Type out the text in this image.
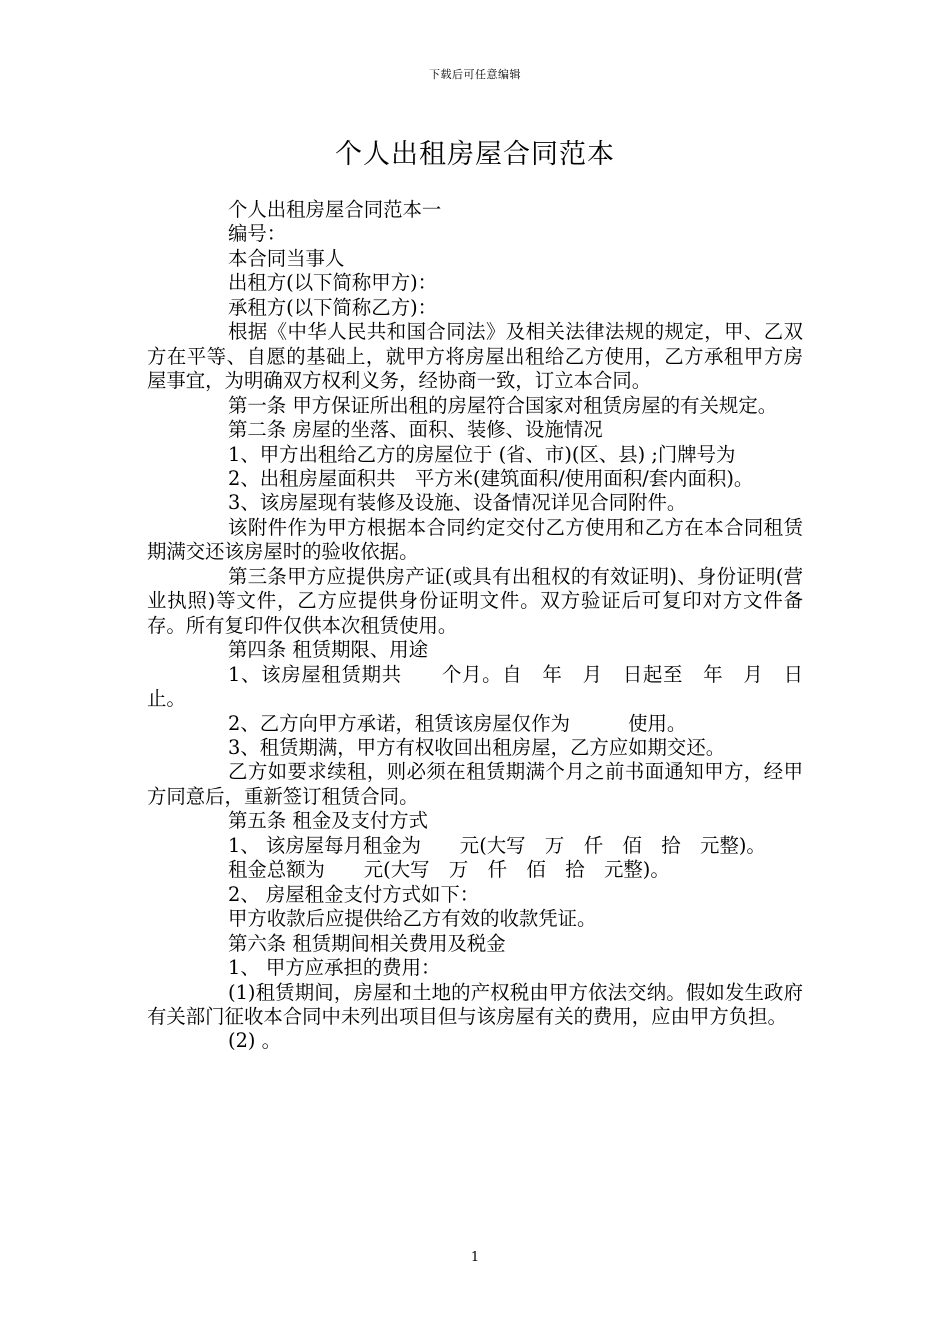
下载后可任意编辑
个人出租房屋合同范本

个人出租房屋合同范本一

编号：

本合同当事人

出租方(以下简称甲方)：

承租方(以下简称乙方)：

根据《中华人民共和国合同法》及相关法律法规的规定，甲、乙双方在平等、自愿的基础上，就甲方将房屋出租给乙方使用，乙方承租甲方房屋事宜，为明确双方权利义务，经协商一致，订立本合同。

第一条 甲方保证所出租的房屋符合国家对租赁房屋的有关规定。

第二条 房屋的坐落、面积、装修、设施情况

1、甲方出租给乙方的房屋位于 (省、市)(区、县) ;门牌号为

2、出租房屋面积共　平方米(建筑面积/使用面积/套内面积)。

3、该房屋现有装修及设施、设备情况详见合同附件。

该附件作为甲方根据本合同约定交付乙方使用和乙方在本合同租赁期满交还该房屋时的验收依据。

第三条甲方应提供房产证(或具有出租权的有效证明)、身份证明(营业执照)等文件，乙方应提供身份证明文件。双方验证后可复印对方文件备存。所有复印件仅供本次租赁使用。

第四条 租赁期限、用途

1、该房屋租赁期共　　个月。自　年　月　日起至　年　月　日止。

2、乙方向甲方承诺，租赁该房屋仅作为　　　使用。

3、租赁期满，甲方有权收回出租房屋，乙方应如期交还。

乙方如要求续租，则必须在租赁期满个月之前书面通知甲方，经甲方同意后，重新签订租赁合同。

第五条 租金及支付方式

1、 该房屋每月租金为　　元(大写　万　仟　佰　拾　元整)。

租金总额为　　元(大写　万　仟　佰　拾　元整)。

2、 房屋租金支付方式如下：

甲方收款后应提供给乙方有效的收款凭证。

第六条 租赁期间相关费用及税金

1、 甲方应承担的费用：

(1)租赁期间，房屋和土地的产权税由甲方依法交纳。假如发生政府有关部门征收本合同中未列出项目但与该房屋有关的费用，应由甲方负担。

(2) 。

1
